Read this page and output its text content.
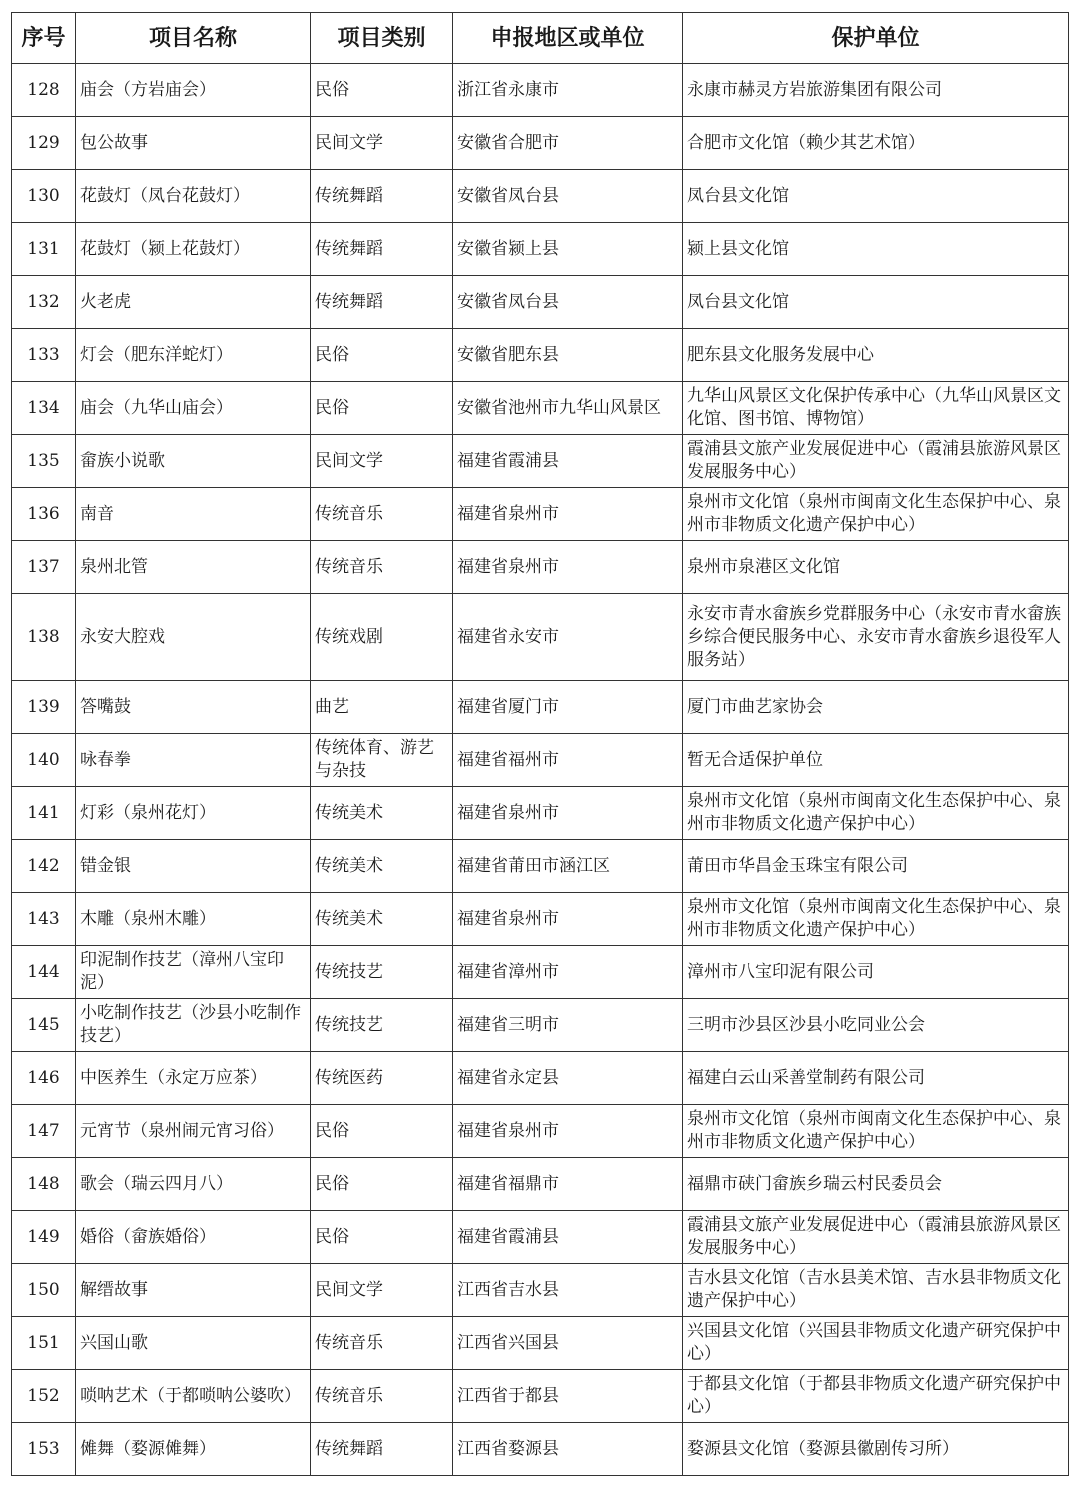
序号	项目名称	项目类别	申报地区或单位	保护单位
128	庙会（方岩庙会）	民俗	浙江省永康市	永康市赫灵方岩旅游集团有限公司
129	包公故事	民间文学	安徽省合肥市	合肥市文化馆（赖少其艺术馆）
130	花鼓灯（凤台花鼓灯）	传统舞蹈	安徽省凤台县	凤台县文化馆
131	花鼓灯（颍上花鼓灯）	传统舞蹈	安徽省颍上县	颍上县文化馆
132	火老虎	传统舞蹈	安徽省凤台县	凤台县文化馆
133	灯会（肥东洋蛇灯）	民俗	安徽省肥东县	肥东县文化服务发展中心
134	庙会（九华山庙会）	民俗	安徽省池州市九华山风景区	九华山风景区文化保护传承中心（九华山风景区文化馆、图书馆、博物馆）
135	畲族小说歌	民间文学	福建省霞浦县	霞浦县文旅产业发展促进中心（霞浦县旅游风景区发展服务中心）
136	南音	传统音乐	福建省泉州市	泉州市文化馆（泉州市闽南文化生态保护中心、泉州市非物质文化遗产保护中心）
137	泉州北管	传统音乐	福建省泉州市	泉州市泉港区文化馆
138	永安大腔戏	传统戏剧	福建省永安市	永安市青水畲族乡党群服务中心（永安市青水畲族乡综合便民服务中心、永安市青水畲族乡退役军人服务站）
139	答嘴鼓	曲艺	福建省厦门市	厦门市曲艺家协会
140	咏春拳	传统体育、游艺与杂技	福建省福州市	暂无合适保护单位
141	灯彩（泉州花灯）	传统美术	福建省泉州市	泉州市文化馆（泉州市闽南文化生态保护中心、泉州市非物质文化遗产保护中心）
142	错金银	传统美术	福建省莆田市涵江区	莆田市华昌金玉珠宝有限公司
143	木雕（泉州木雕）	传统美术	福建省泉州市	泉州市文化馆（泉州市闽南文化生态保护中心、泉州市非物质文化遗产保护中心）
144	印泥制作技艺（漳州八宝印泥）	传统技艺	福建省漳州市	漳州市八宝印泥有限公司
145	小吃制作技艺（沙县小吃制作技艺）	传统技艺	福建省三明市	三明市沙县区沙县小吃同业公会
146	中医养生（永定万应茶）	传统医药	福建省永定县	福建白云山采善堂制药有限公司
147	元宵节（泉州闹元宵习俗）	民俗	福建省泉州市	泉州市文化馆（泉州市闽南文化生态保护中心、泉州市非物质文化遗产保护中心）
148	歌会（瑞云四月八）	民俗	福建省福鼎市	福鼎市硖门畲族乡瑞云村民委员会
149	婚俗（畲族婚俗）	民俗	福建省霞浦县	霞浦县文旅产业发展促进中心（霞浦县旅游风景区发展服务中心）
150	解缙故事	民间文学	江西省吉水县	吉水县文化馆（吉水县美术馆、吉水县非物质文化遗产保护中心）
151	兴国山歌	传统音乐	江西省兴国县	兴国县文化馆（兴国县非物质文化遗产研究保护中心）
152	唢呐艺术（于都唢呐公婆吹）	传统音乐	江西省于都县	于都县文化馆（于都县非物质文化遗产研究保护中心）
153	傩舞（婺源傩舞）	传统舞蹈	江西省婺源县	婺源县文化馆（婺源县徽剧传习所）
